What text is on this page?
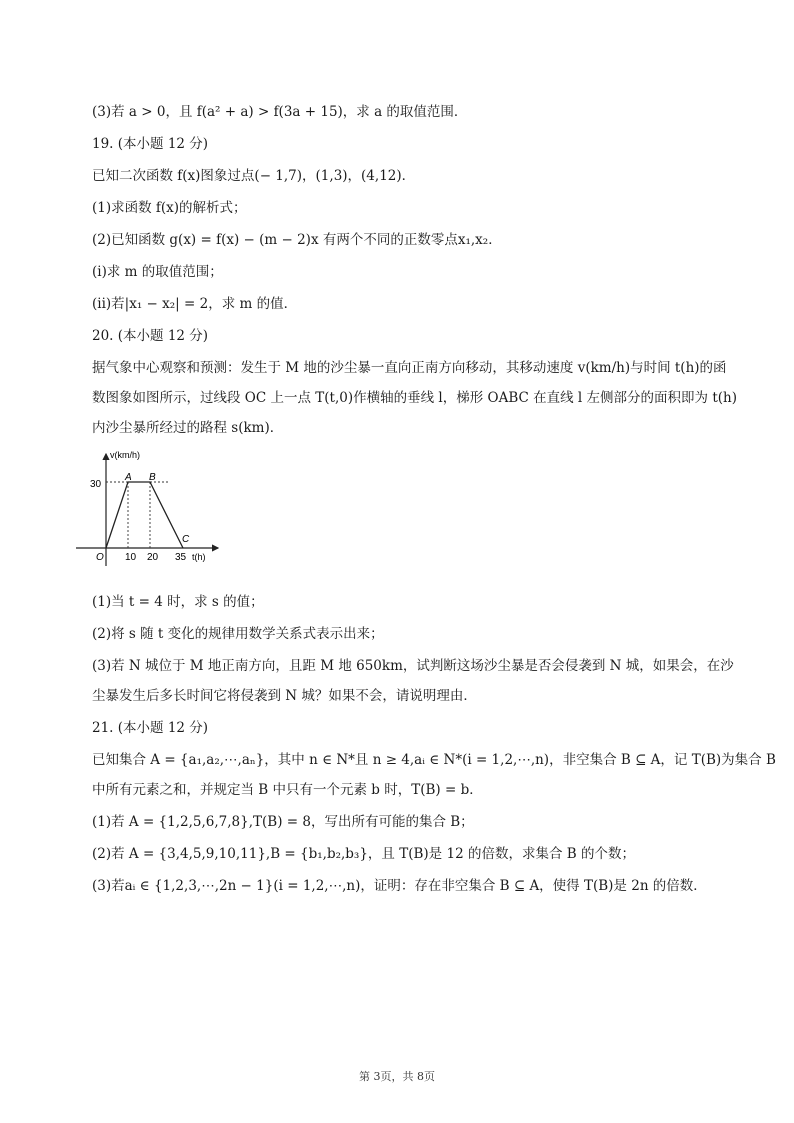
(3)若 a > 0，且 f(a² + a) > f(3a + 15)，求 a 的取值范围．
19. (本小题 12 分)
已知二次函数 f(x)图象过点(− 1,7)，(1,3)，(4,12)．
(1)求函数 f(x)的解析式；
(2)已知函数 g(x) = f(x) − (m − 2)x 有两个不同的正数零点x₁,x₂．
(i)求 m 的取值范围；
(ii)若|x₁ − x₂| = 2，求 m 的值．
20. (本小题 12 分)
据气象中心观察和预测：发生于 M 地的沙尘暴一直向正南方向移动，其移动速度 v(km/h)与时间 t(h)的函
数图象如图所示，过线段 OC 上一点 T(t,0)作横轴的垂线 l，梯形 OABC 在直线 l 左侧部分的面积即为 t(h)
内沙尘暴所经过的路程 s(km)．
v(km/h)
t(h)
30
10 20 35
O
A B
C
(1)当 t = 4 时，求 s 的值；
(2)将 s 随 t 变化的规律用数学关系式表示出来；
(3)若 N 城位于 M 地正南方向，且距 M 地 650km，试判断这场沙尘暴是否会侵袭到 N 城，如果会，在沙
尘暴发生后多长时间它将侵袭到 N 城？如果不会，请说明理由．
21. (本小题 12 分)
已知集合 A = {a₁,a₂,⋯,aₙ}，其中 n ∈ N*且 n ≥ 4,aᵢ ∈ N*(i = 1,2,⋯,n)，非空集合 B ⊆ A，记 T(B)为集合 B
中所有元素之和，并规定当 B 中只有一个元素 b 时，T(B) = b．
(1)若 A = {1,2,5,6,7,8},T(B) = 8，写出所有可能的集合 B；
(2)若 A = {3,4,5,9,10,11},B = {b₁,b₂,b₃}，且 T(B)是 12 的倍数，求集合 B 的个数；
(3)若aᵢ ∈ {1,2,3,⋯,2n − 1}(i = 1,2,⋯,n)，证明：存在非空集合 B ⊆ A，使得 T(B)是 2n 的倍数．
第 3页，共 8页
